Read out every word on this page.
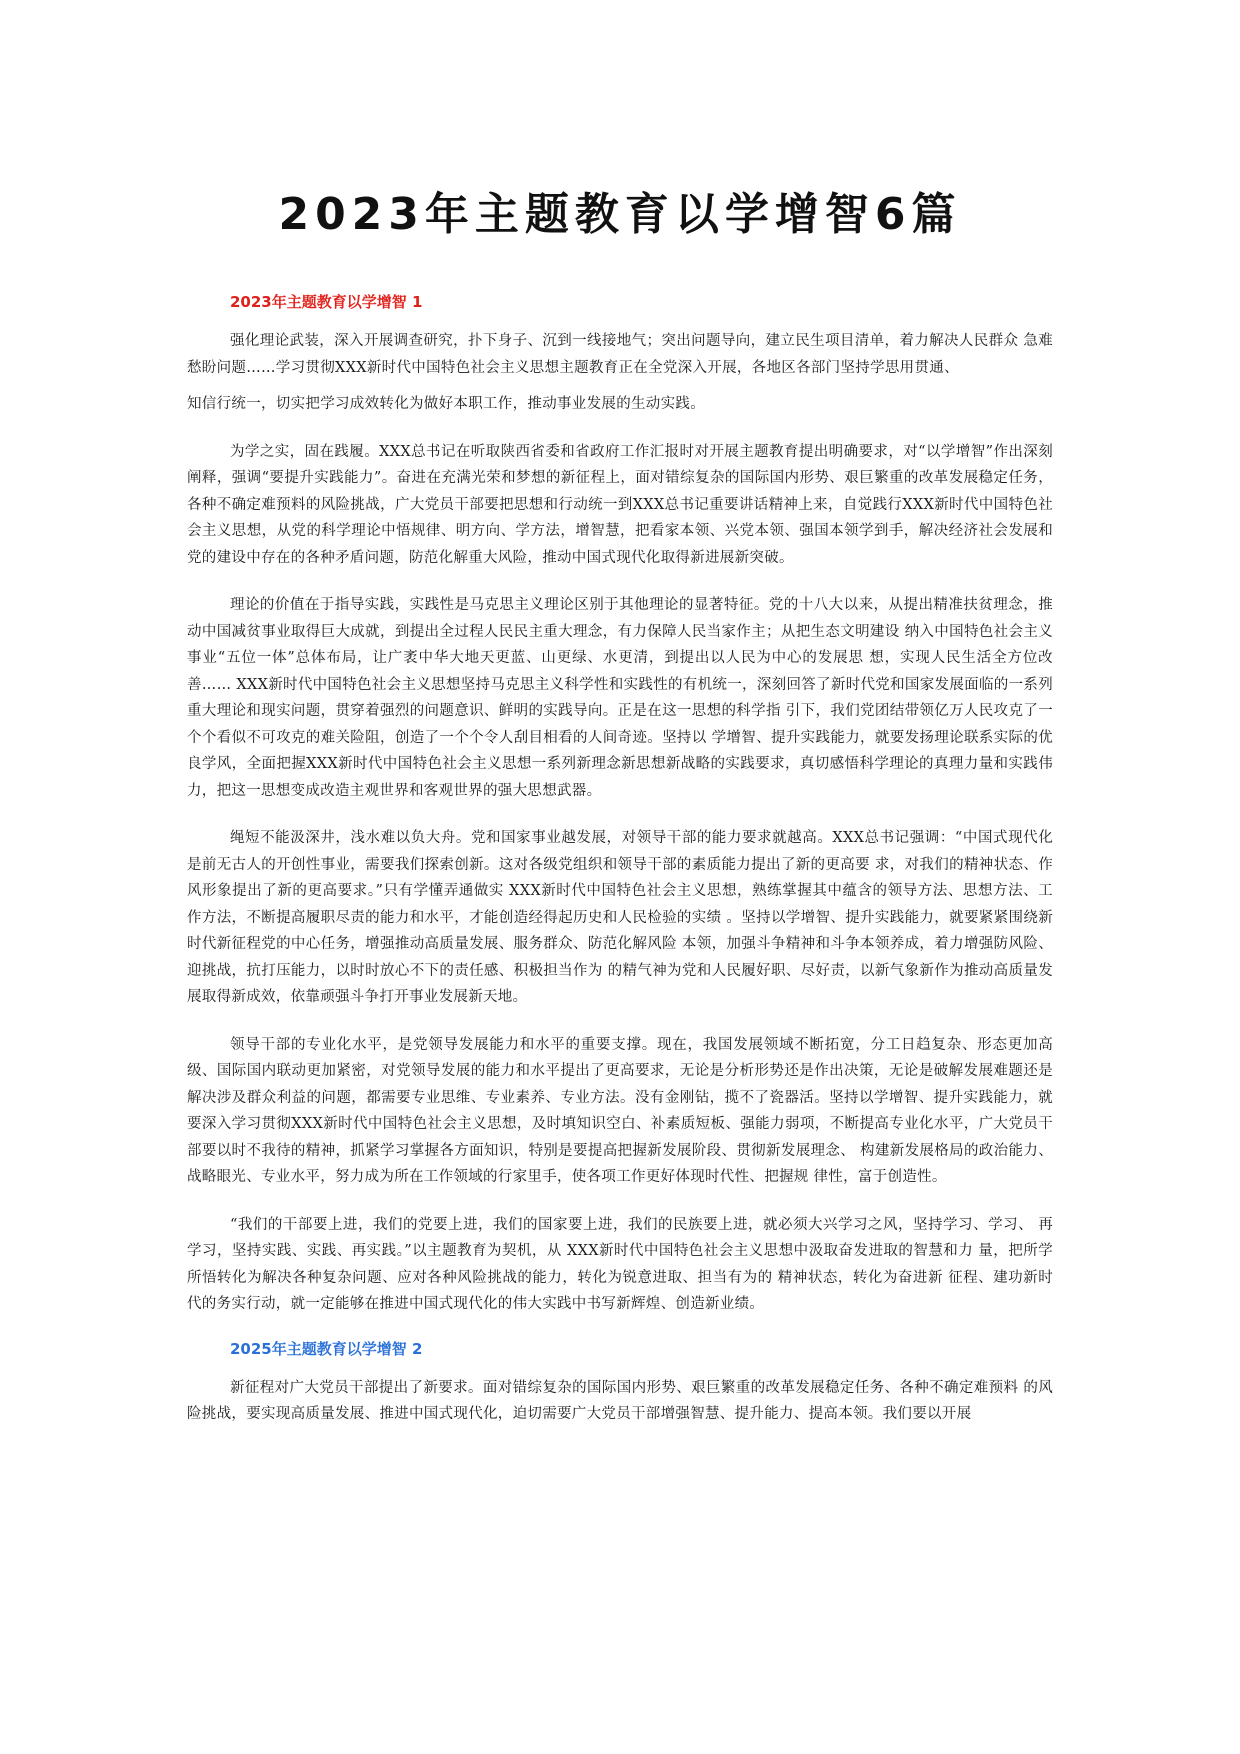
2023年主题教育以学增智6篇
2023年主题教育以学增智 1

强化理论武装，深入开展调查研究，扑下身子、沉到一线接地气；突出问题导向，建立民生项目清单，着力解决人民群众 急难愁盼问题……学习贯彻XXX新时代中国特色社会主义思想主题教育正在全党深入开展，各地区各部门坚持学思用贯通、

知信行统一，切实把学习成效转化为做好本职工作，推动事业发展的生动实践。

为学之实，固在践履。XXX总书记在听取陕西省委和省政府工作汇报时对开展主题教育提出明确要求，对“以学增智”作出深刻阐释，强调“要提升实践能力”。奋进在充满光荣和梦想的新征程上，面对错综复杂的国际国内形势、艰巨繁重的改革发展稳定任务，各种不确定难预料的风险挑战，广大党员干部要把思想和行动统一到XXX总书记重要讲话精神上来，自觉践行XXX新时代中国特色社会主义思想，从党的科学理论中悟规律、明方向、学方法，增智慧，把看家本领、兴党本领、强国本领学到手，解决经济社会发展和党的建设中存在的各种矛盾问题，防范化解重大风险，推动中国式现代化取得新进展新突破。

理论的价值在于指导实践，实践性是马克思主义理论区别于其他理论的显著特征。党的十八大以来，从提出精准扶贫理念，推动中国减贫事业取得巨大成就，到提出全过程人民民主重大理念，有力保障人民当家作主；从把生态文明建设 纳入中国特色社会主义事业“五位一体”总体布局，让广袤中华大地天更蓝、山更绿、水更清，到提出以人民为中心的发展思 想，实现人民生活全方位改善…… XXX新时代中国特色社会主义思想坚持马克思主义科学性和实践性的有机统一，深刻回答了新时代党和国家发展面临的一系列重大理论和现实问题，贯穿着强烈的问题意识、鲜明的实践导向。正是在这一思想的科学指 引下，我们党团结带领亿万人民攻克了一个个看似不可攻克的难关险阻，创造了一个个令人刮目相看的人间奇迹。坚持以 学增智、提升实践能力，就要发扬理论联系实际的优良学风，全面把握XXX新时代中国特色社会主义思想一系列新理念新思想新战略的实践要求，真切感悟科学理论的真理力量和实践伟力，把这一思想变成改造主观世界和客观世界的强大思想武器。

绳短不能汲深井，浅水难以负大舟。党和国家事业越发展，对领导干部的能力要求就越高。XXX总书记强调：“中国式现代化是前无古人的开创性事业，需要我们探索创新。这对各级党组织和领导干部的素质能力提出了新的更高要 求，对我们的精神状态、作风形象提出了新的更高要求。”只有学懂弄通做实 XXX新时代中国特色社会主义思想，熟练掌握其中蕴含的领导方法、思想方法、工作方法，不断提高履职尽责的能力和水平，才能创造经得起历史和人民检验的实绩 。坚持以学增智、提升实践能力，就要紧紧围绕新时代新征程党的中心任务，增强推动高质量发展、服务群众、防范化解风险 本领，加强斗争精神和斗争本领养成，着力增强防风险、迎挑战，抗打压能力，以时时放心不下的责任感、积极担当作为 的精气神为党和人民履好职、尽好责，以新气象新作为推动高质量发展取得新成效，依靠顽强斗争打开事业发展新天地。

领导干部的专业化水平，是党领导发展能力和水平的重要支撑。现在，我国发展领域不断拓宽，分工日趋复杂、形态更加高级、国际国内联动更加紧密，对党领导发展的能力和水平提出了更高要求，无论是分析形势还是作出决策，无论是破解发展难题还是解决涉及群众利益的问题，都需要专业思维、专业素养、专业方法。没有金刚钻，揽不了瓷器活。坚持以学增智、提升实践能力，就要深入学习贯彻XXX新时代中国特色社会主义思想，及时填知识空白、补素质短板、强能力弱项，不断提高专业化水平，广大党员干部要以时不我待的精神，抓紧学习掌握各方面知识，特别是要提高把握新发展阶段、贯彻新发展理念、 构建新发展格局的政治能力、战略眼光、专业水平，努力成为所在工作领域的行家里手，使各项工作更好体现时代性、把握规 律性，富于创造性。

“我们的干部要上进，我们的党要上进，我们的国家要上进，我们的民族要上进，就必须大兴学习之风，坚持学习、学习、 再学习，坚持实践、实践、再实践。”以主题教育为契机，从 XXX新时代中国特色社会主义思想中汲取奋发进取的智慧和力 量，把所学所悟转化为解决各种复杂问题、应对各种风险挑战的能力，转化为锐意进取、担当有为的 精神状态，转化为奋进新 征程、建功新时代的务实行动，就一定能够在推进中国式现代化的伟大实践中书写新辉煌、创造新业绩。

2025年主题教育以学增智 2

新征程对广大党员干部提出了新要求。面对错综复杂的国际国内形势、艰巨繁重的改革发展稳定任务、各种不确定难预料 的风险挑战，要实现高质量发展、推进中国式现代化，迫切需要广大党员干部增强智慧、提升能力、提高本领。我们要以开展
